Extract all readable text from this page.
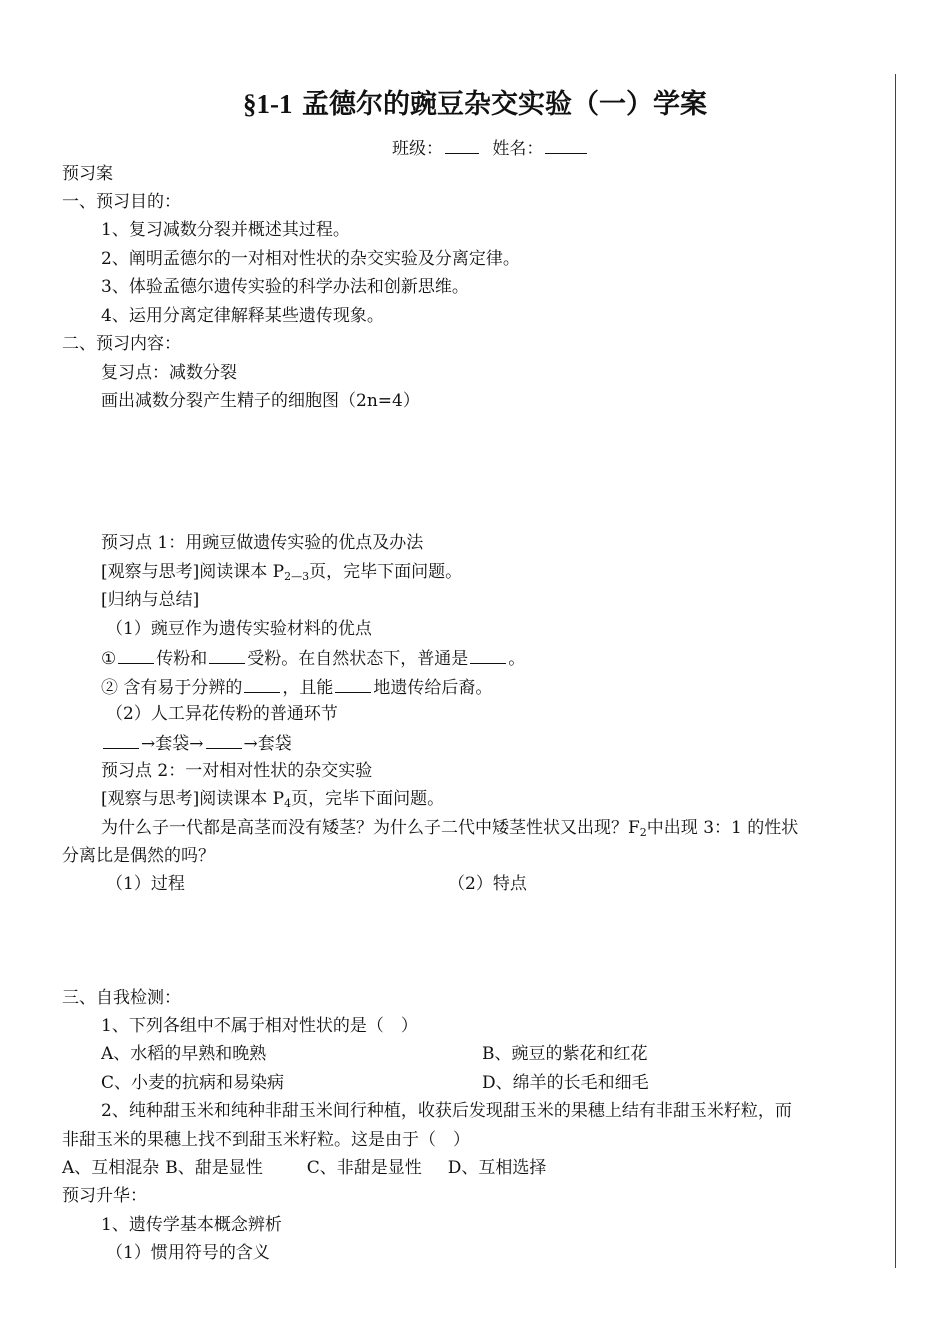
§1-1 孟德尔的豌豆杂交实验（一）学案
班级：	姓名：
预习案
一、预习目的：
1、复习减数分裂并概述其过程。
2、阐明孟德尔的一对相对性状的杂交实验及分离定律。
3、体验孟德尔遗传实验的科学办法和创新思维。
4、运用分离定律解释某些遗传现象。
二、预习内容：
复习点：减数分裂
画出减数分裂产生精子的细胞图（2n=4）
预习点 1：用豌豆做遗传实验的优点及办法
[观察与思考]阅读课本 $P_{2—3}$页，完毕下面问题。
[归纳与总结]
（1）豌豆作为遗传实验材料的优点
① 传粉和 受粉。在自然状态下，普通是 。
② 含有易于分辨的 ，且能 地遗传给后裔。
（2）人工异花传粉的普通环节
→套袋→ →套袋
预习点 2：一对相对性状的杂交实验
[观察与思考]阅读课本 $P_4$页，完毕下面问题。
为什么子一代都是高茎而没有矮茎？为什么子二代中矮茎性状又出现？$F_2$中出现 3：1 的性状
分离比是偶然的吗？
（1）过程	（2）特点
三、自我检测：
1、下列各组中不属于相对性状的是（　）
A、水稻的早熟和晚熟	B、豌豆的紫花和红花
C、小麦的抗病和易染病	D、绵羊的长毛和细毛
2、纯种甜玉米和纯种非甜玉米间行种植，收获后发现甜玉米的果穗上结有非甜玉米籽粒，而
非甜玉米的果穗上找不到甜玉米籽粒。这是由于（　）
A、互相混杂 B、甜是显性	C、非甜是显性 D、互相选择
预习升华：
1、遗传学基本概念辨析
（1）惯用符号的含义
